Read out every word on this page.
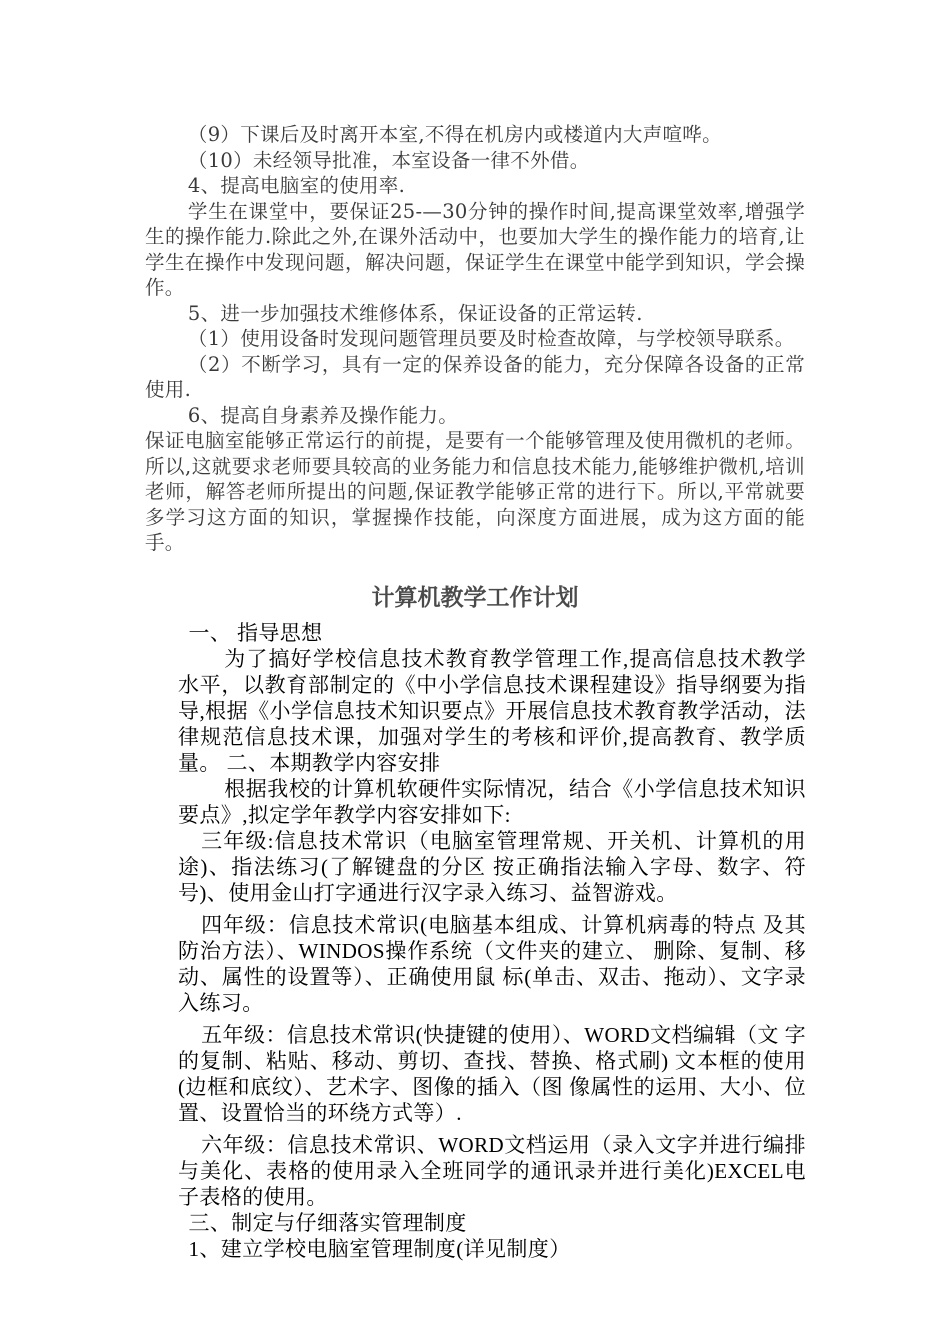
（9）下课后及时离开本室,不得在机房内或楼道内大声喧哗。

（10）未经领导批准，本室设备一律不外借。

4、提高电脑室的使用率.

学生在课堂中，要保证25-—30分钟的操作时间,提高课堂效率,增强学生的操作能力.除此之外,在课外活动中，也要加大学生的操作能力的培育,让学生在操作中发现问题，解决问题，保证学生在课堂中能学到知识，学会操作。

5、进一步加强技术维修体系，保证设备的正常运转.

（1）使用设备时发现问题管理员要及时检查故障，与学校领导联系。

（2）不断学习，具有一定的保养设备的能力，充分保障各设备的正常使用.

6、提高自身素养及操作能力。

保证电脑室能够正常运行的前提，是要有一个能够管理及使用微机的老师。所以,这就要求老师要具较高的业务能力和信息技术能力,能够维护微机,培训老师，解答老师所提出的问题,保证教学能够正常的进行下。所以,平常就要多学习这方面的知识，掌握操作技能，向深度方面进展，成为这方面的能手。

计算机教学工作计划

一、 指导思想

为了搞好学校信息技术教育教学管理工作,提高信息技术教学水平，以教育部制定的《中小学信息技术课程建设》指导纲要为指导,根据《小学信息技术知识要点》开展信息技术教育教学活动，法律规范信息技术课，加强对学生的考核和评价,提高教育、教学质量。 二、本期教学内容安排

根据我校的计算机软硬件实际情况，结合《小学信息技术知识要点》,拟定学年教学内容安排如下:

三年级:信息技术常识（电脑室管理常规、开关机、计算机的用途)、指法练习(了解键盘的分区 按正确指法输入字母、数字、符号)、使用金山打字通进行汉字录入练习、益智游戏。

四年级：信息技术常识(电脑基本组成、计算机病毒的特点 及其防治方法）、WINDOS操作系统（文件夹的建立、 删除、复制、移动、属性的设置等）、正确使用鼠 标(单击、双击、拖动）、文字录入练习。

五年级：信息技术常识(快捷键的使用）、WORD文档编辑（文 字的复制、粘贴、移动、剪切、查找、替换、格式刷) 文本框的使用(边框和底纹）、艺术字、图像的插入（图 像属性的运用、大小、位置、设置恰当的环绕方式等）.

六年级：信息技术常识、WORD文档运用（录入文字并进行编排 与美化、表格的使用录入全班同学的通讯录并进行美化)EXCEL电子表格的使用。

三、制定与仔细落实管理制度

1、建立学校电脑室管理制度(详见制度）
